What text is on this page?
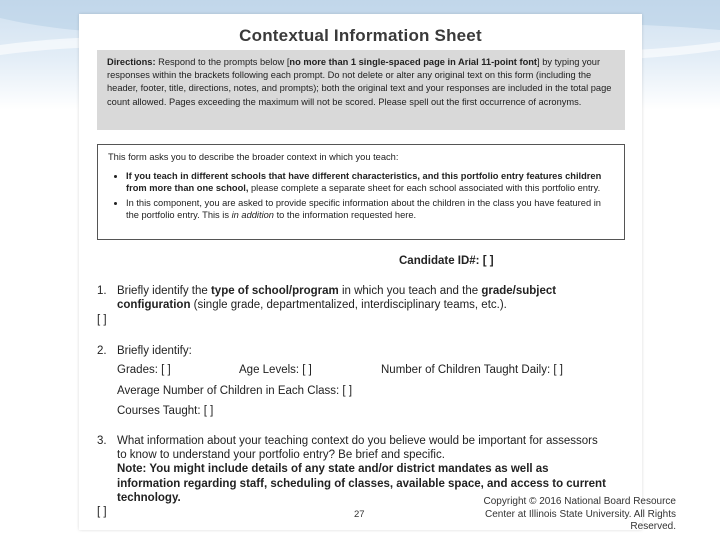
Contextual Information Sheet
Directions: Respond to the prompts below [no more than 1 single-spaced page in Arial 11-point font] by typing your responses within the brackets following each prompt. Do not delete or alter any original text on this form (including the header, footer, title, directions, notes, and prompts); both the original text and your responses are included in the total page count allowed. Pages exceeding the maximum will not be scored. Please spell out the first occurrence of acronyms.
This form asks you to describe the broader context in which you teach:
• If you teach in different schools that have different characteristics, and this portfolio entry features children from more than one school, please complete a separate sheet for each school associated with this portfolio entry.
• In this component, you are asked to provide specific information about the children in the class you have featured in the portfolio entry. This is in addition to the information requested here.
Candidate ID#: [ ]
1. Briefly identify the type of school/program in which you teach and the grade/subject configuration (single grade, departmentalized, interdisciplinary teams, etc.).
[ ]
2. Briefly identify:
Grades: [ ]	Age Levels: [ ]	Number of Children Taught Daily: [ ]
Average Number of Children in Each Class: [ ]
Courses Taught: [ ]
3. What information about your teaching context do you believe would be important for assessors to know to understand your portfolio entry? Be brief and specific.
Note: You might include details of any state and/or district mandates as well as information regarding staff, scheduling of classes, available space, and access to current technology.
[ ]	27
Copyright © 2016 National Board Resource
Center at Illinois State University. All Rights
Reserved.
